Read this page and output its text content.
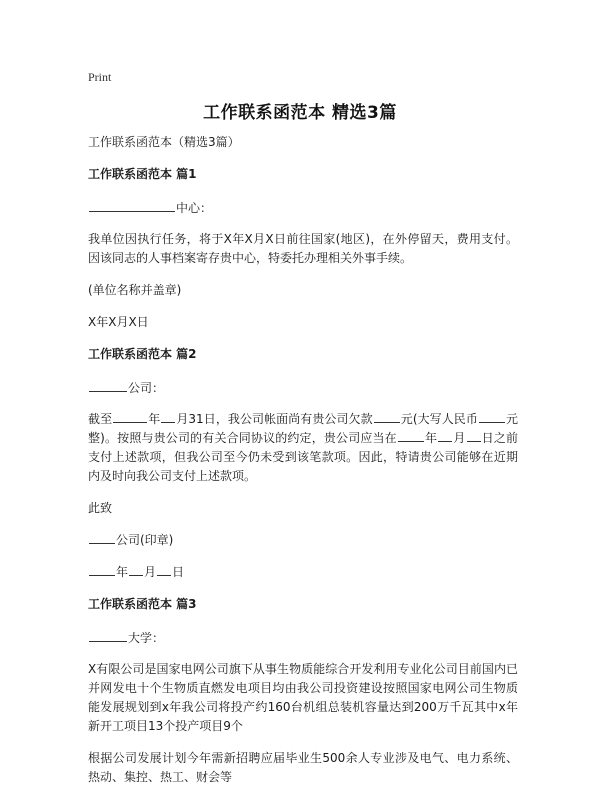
Print
工作联系函范本 精选3篇

工作联系函范本（精选3篇）

工作联系函范本 篇1

中心：

我单位因执行任务，将于X年X月X日前往国家(地区)，在外停留天，费用支付。因该同志的人事档案寄存贵中心，特委托办理相关外事手续。

(单位名称并盖章)

X年X月X日

工作联系函范本 篇2

公司：

截至	年 月31日，我公司帐面尚有贵公司欠款 元(大写人民币 元整)。按照与贵公司的有关合同协议的约定，贵公司应当在 年 月 日之前支付上述款项，但我公司至今仍未受到该笔款项。因此，特请贵公司能够在近期内及时向我公司支付上述款项。

此致

公司(印章)

年 月 日

工作联系函范本 篇3

大学：

X有限公司是国家电网公司旗下从事生物质能综合开发利用专业化公司目前国内已并网发电十个生物质直燃发电项目均由我公司投资建设按照国家电网公司生物质能发展规划到x年我公司将投产约160台机组总装机容量达到200万千瓦其中x年新开工项目13个投产项目9个

根据公司发展计划今年需新招聘应届毕业生500余人专业涉及电气、电力系统、热动、集控、热工、财会等
